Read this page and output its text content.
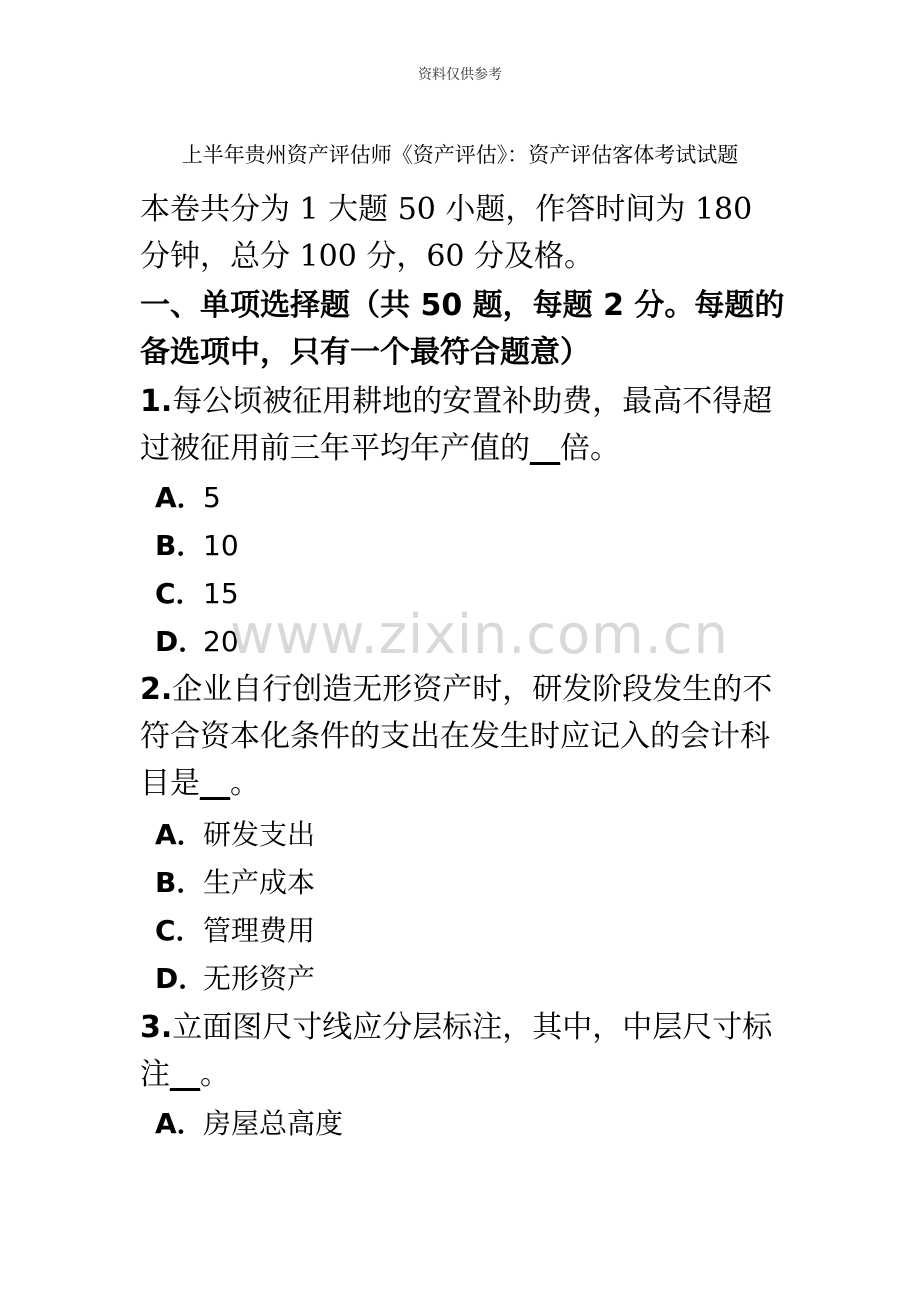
资料仅供参考
上半年贵州资产评估师《资产评估》：资产评估客体考试试题
本卷共分为 1 大题 50 小题，作答时间为 180 分钟，总分 100 分，60 分及格。
一、单项选择题（共 50 题，每题 2 分。每题的备选项中，只有一个最符合题意）
1.每公顷被征用耕地的安置补助费，最高不得超过被征用前三年平均年产值的__倍。
A．5
B．10
C．15
D．20
2.企业自行创造无形资产时，研发阶段发生的不符合资本化条件的支出在发生时应记入的会计科目是__。
A．研发支出
B．生产成本
C．管理费用
D．无形资产
3.立面图尺寸线应分层标注，其中，中层尺寸标注__。
A．房屋总高度
www.zixin.com.cn
